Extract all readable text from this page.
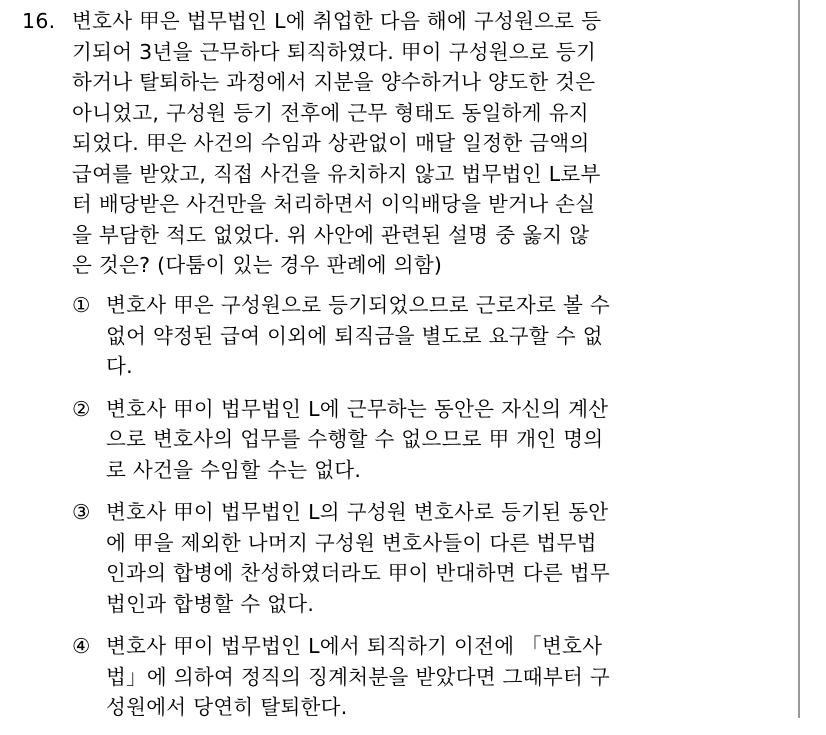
16. 변호사 甲은 법무법인 L에 취업한 다음 해에 구성원으로 등
기되어 3년을 근무하다 퇴직하였다. 甲이 구성원으로 등기
하거나 탈퇴하는 과정에서 지분을 양수하거나 양도한 것은
아니었고, 구성원 등기 전후에 근무 형태도 동일하게 유지
되었다. 甲은 사건의 수임과 상관없이 매달 일정한 금액의
급여를 받았고, 직접 사건을 유치하지 않고 법무법인 L로부
터 배당받은 사건만을 처리하면서 이익배당을 받거나 손실
을 부담한 적도 없었다. 위 사안에 관련된 설명 중 옳지 않
은 것은? (다툼이 있는 경우 판례에 의함)
① 변호사 甲은 구성원으로 등기되었으므로 근로자로 볼 수
없어 약정된 급여 이외에 퇴직금을 별도로 요구할 수 없
다.
② 변호사 甲이 법무법인 L에 근무하는 동안은 자신의 계산
으로 변호사의 업무를 수행할 수 없으므로 甲 개인 명의
로 사건을 수임할 수는 없다.
③ 변호사 甲이 법무법인 L의 구성원 변호사로 등기된 동안
에 甲을 제외한 나머지 구성원 변호사들이 다른 법무법
인과의 합병에 찬성하였더라도 甲이 반대하면 다른 법무
법인과 합병할 수 없다.
④ 변호사 甲이 법무법인 L에서 퇴직하기 이전에 「변호사
법」에 의하여 정직의 징계처분을 받았다면 그때부터 구
성원에서 당연히 탈퇴한다.
